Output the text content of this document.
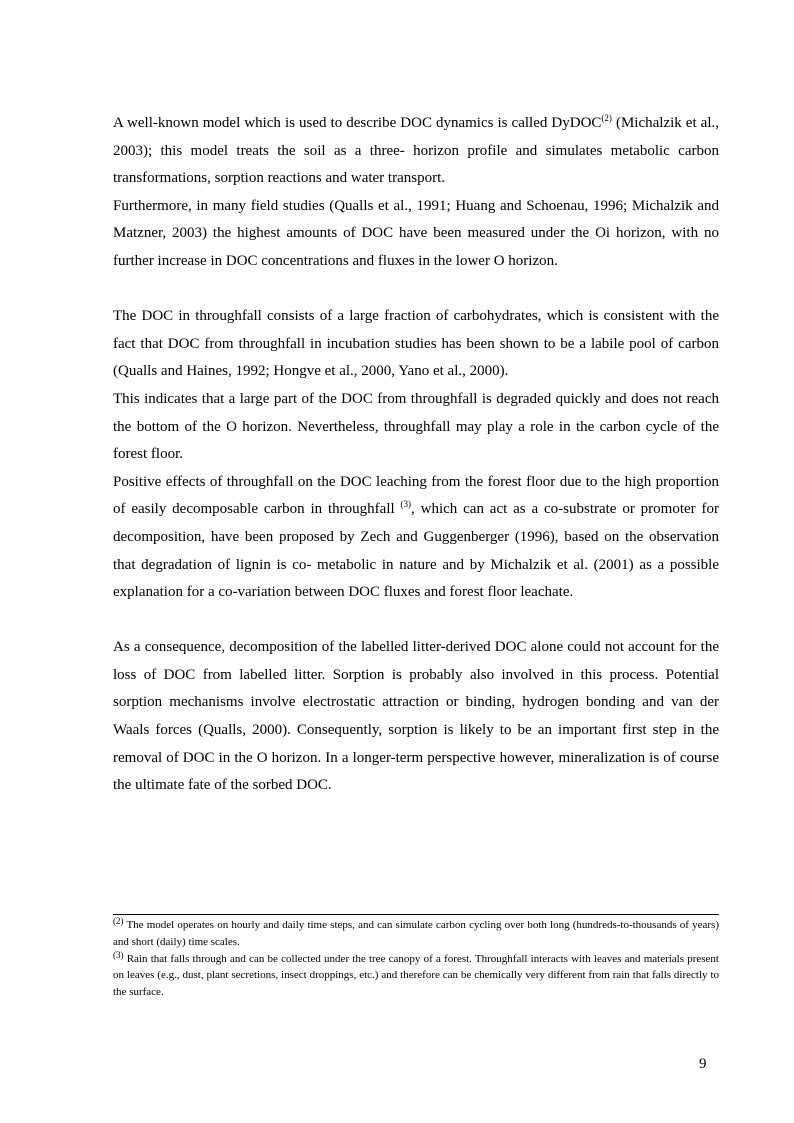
A well-known model which is used to describe DOC dynamics is called DyDOC$^{(2)}$ (Michalzik et al., 2003); this model treats the soil as a three- horizon profile and simulates metabolic carbon transformations, sorption reactions and water transport.

Furthermore, in many field studies (Qualls et al., 1991; Huang and Schoenau, 1996; Michalzik and Matzner, 2003) the highest amounts of DOC have been measured under the Oi horizon, with no further increase in DOC concentrations and fluxes in the lower O horizon.

The DOC in throughfall consists of a large fraction of carbohydrates, which is consistent with the fact that DOC from throughfall in incubation studies has been shown to be a labile pool of carbon (Qualls and Haines, 1992; Hongve et al., 2000, Yano et al., 2000).

This indicates that a large part of the DOC from throughfall is degraded quickly and does not reach the bottom of the O horizon. Nevertheless, throughfall may play a role in the carbon cycle of the forest floor.

Positive effects of throughfall on the DOC leaching from the forest floor due to the high proportion of easily decomposable carbon in throughfall $^{(3)}$, which can act as a co-substrate or promoter for decomposition, have been proposed by Zech and Guggenberger (1996), based on the observation that degradation of lignin is co- metabolic in nature and by Michalzik et al. (2001) as a possible explanation for a co-variation between DOC fluxes and forest floor leachate.

As a consequence, decomposition of the labelled litter-derived DOC alone could not account for the loss of DOC from labelled litter. Sorption is probably also involved in this process. Potential sorption mechanisms involve electrostatic attraction or binding, hydrogen bonding and van der Waals forces (Qualls, 2000). Consequently, sorption is likely to be an important first step in the removal of DOC in the O horizon. In a longer-term perspective however, mineralization is of course the ultimate fate of the sorbed DOC.

$^{(2)}$ The model operates on hourly and daily time steps, and can simulate carbon cycling over both long (hundreds-to-thousands of years) and short (daily) time scales.

$^{(3)}$ Rain that falls through and can be collected under the tree canopy of a forest. Throughfall interacts with leaves and materials present on leaves (e.g., dust, plant secretions, insect droppings, etc.) and therefore can be chemically very different from rain that falls directly to the surface.

9
